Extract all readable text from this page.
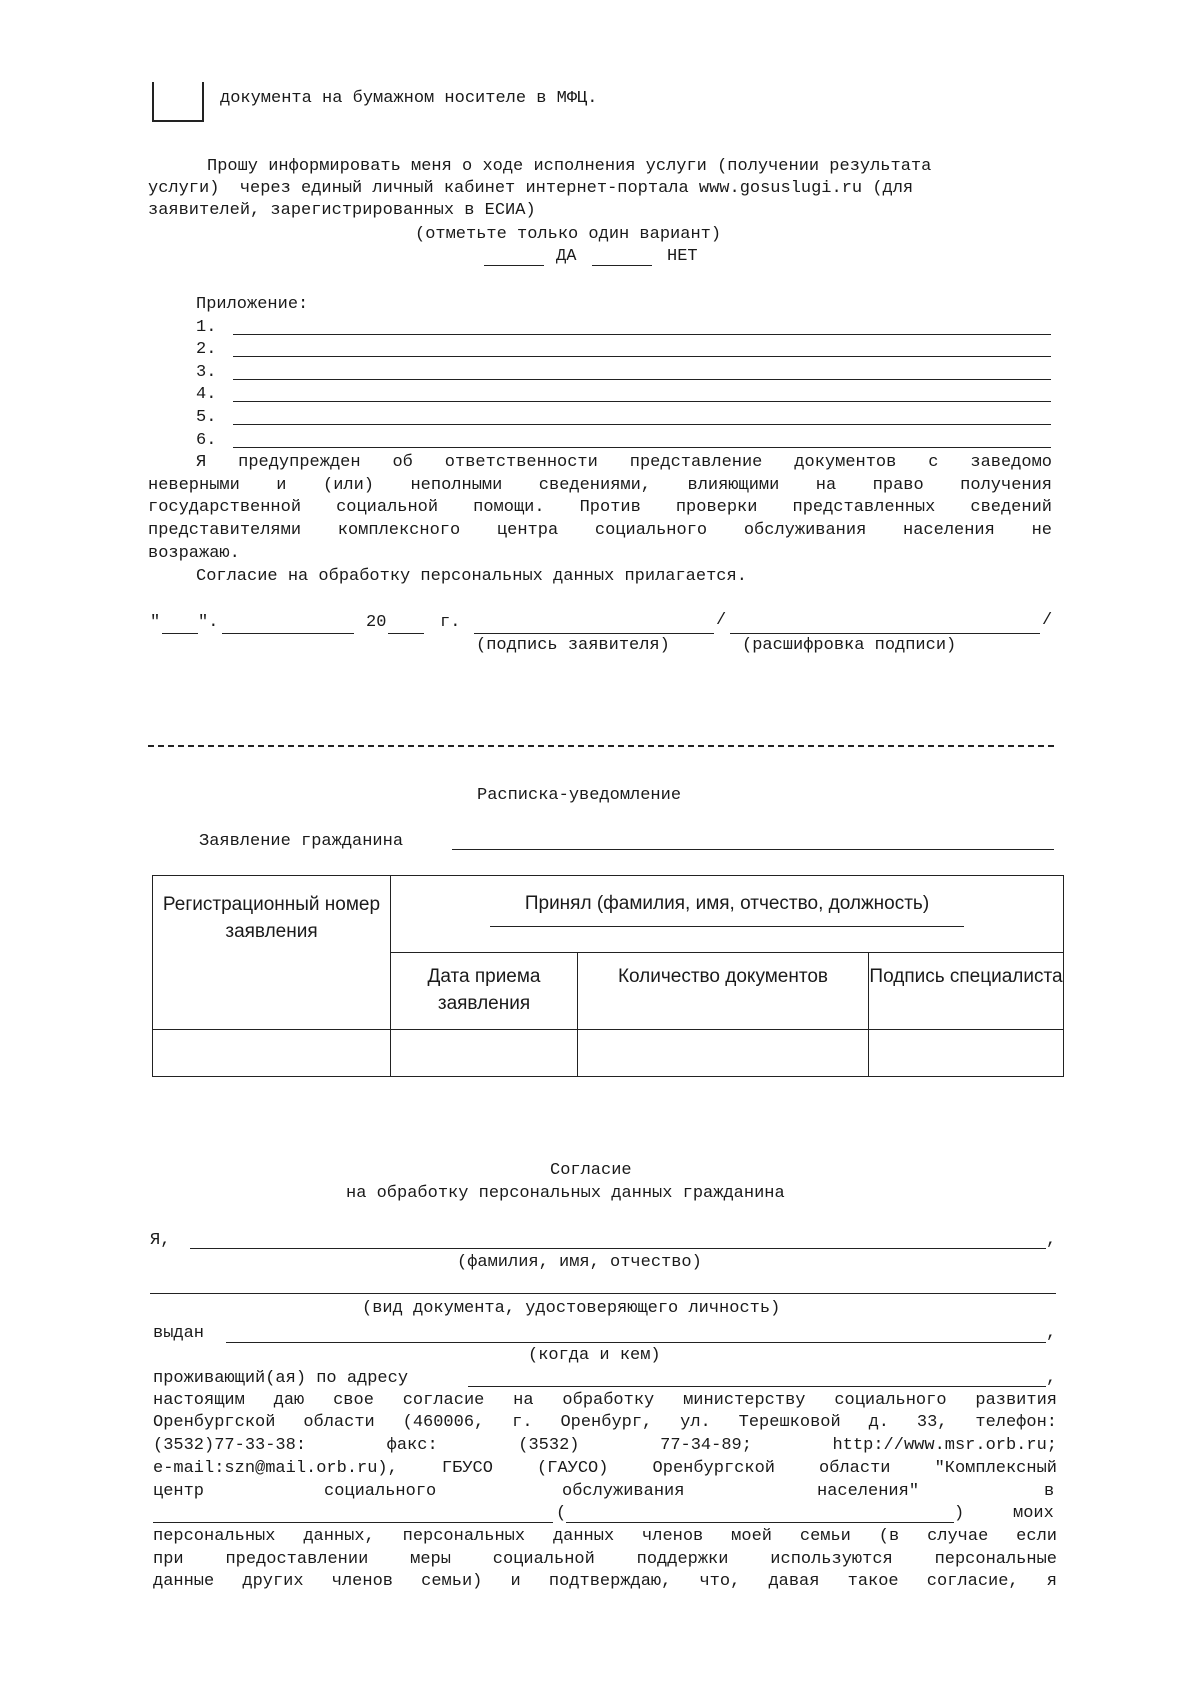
документа на бумажном носителе в МФЦ.
Прошу информировать меня о ходе исполнения услуги (получении результата
услуги)  через единый личный кабинет интернет-портала www.gosuslugi.ru (для
заявителей, зарегистрированных в ЕСИА)
(отметьте только один вариант)
ДА	НЕТ
Приложение:
1.
2.
3.
4.
5.
6.
Я предупрежден об ответственности представление документов с заведомо
неверными и (или) неполными сведениями, влияющими на право получения
государственной социальной помощи. Против проверки представленных сведений
представителями комплексного центра социального обслуживания населения не
возражаю.
Согласие на обработку персональных данных прилагается.
" ".	20	г.	/	/
(подпись заявителя)	(расшифровка подписи)
Расписка-уведомление
Заявление гражданина
Регистрационный номер заявления	Принял (фамилия, имя, отчество, должность)		

	Дата приема заявления	Количество документов	Подпись специалиста

Согласие
на обработку персональных данных гражданина
Я,	,
(фамилия, имя, отчество)
(вид документа, удостоверяющего личность)
выдан	,
(когда и кем)
проживающий(ая) по адресу	,
настоящим даю свое согласие на обработку министерству социального развития
Оренбургской области (460006, г. Оренбург, ул. Терешковой д. 33, телефон:
(3532)77-33-38: факс: (3532) 77-34-89; http://www.msr.orb.ru;
e-mail:szn@mail.orb.ru), ГБУСО (ГАУСО) Оренбургской области "Комплексный
центр	социального	обслуживания	населения"	в
(	)	моих
персональных данных, персональных данных членов моей семьи (в случае если
при предоставлении меры социальной поддержки используются персональные
данные других членов семьи) и подтверждаю, что, давая такое согласие, я
